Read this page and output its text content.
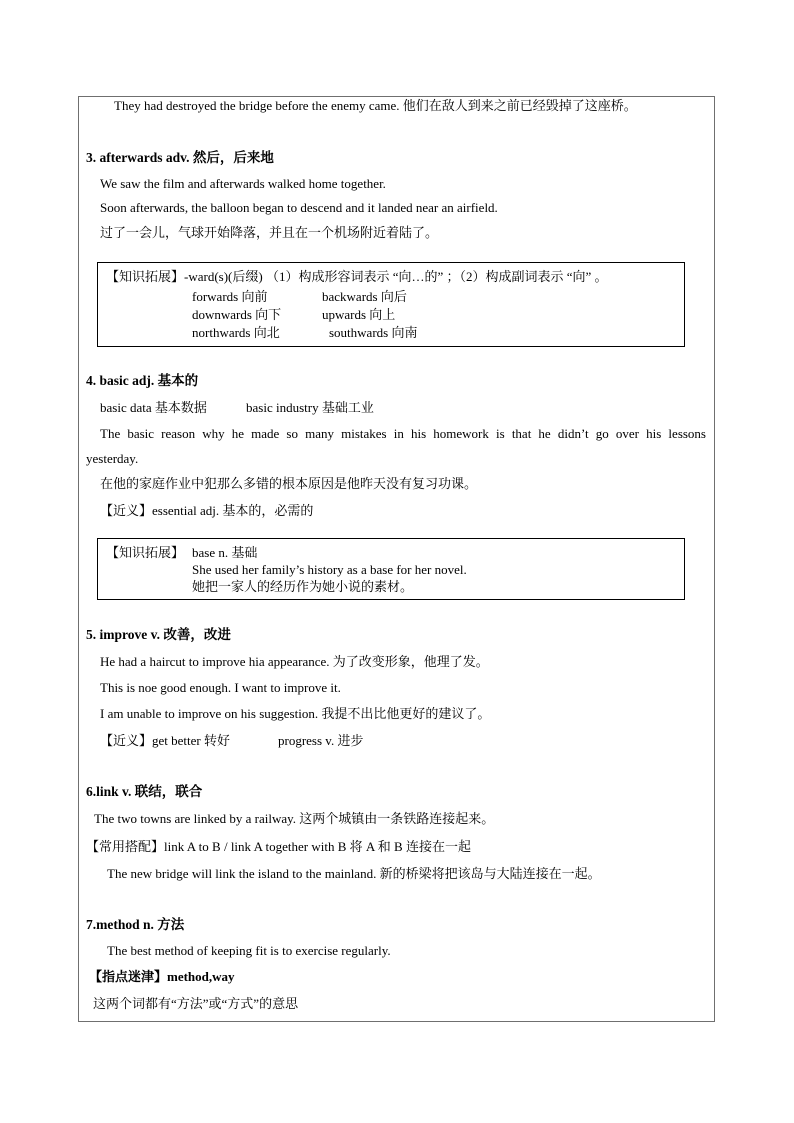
They had destroyed the bridge before the enemy came. 他们在敌人到来之前已经毁掉了这座桥。
3. afterwards adv. 然后，后来地
We saw the film and afterwards walked home together.
Soon afterwards, the balloon began to descend and it landed near an airfield.
过了一会儿，气球开始降落，并且在一个机场附近着陆了。
【知识拓展】-ward(s)(后缀) （1）构成形容词表示 “向…的” ；（2）构成副词表示 “向” 。
forwards 向前	backwards 向后
downwards 向下	upwards 向上
northwards 向北	southwards 向南
4. basic adj. 基本的
basic data 基本数据	basic industry 基础工业
The basic reason why he made so many mistakes in his homework is that he didn’t go over his lessons
yesterday.
在他的家庭作业中犯那么多错的根本原因是他昨天没有复习功课。
【近义】essential adj. 基本的，必需的
【知识拓展】 base n. 基础
She used her family’s history as a base for her novel.
她把一家人的经历作为她小说的素材。
5. improve v. 改善，改进
He had a haircut to improve hia appearance. 为了改变形象，他理了发。
This is noe good enough. I want to improve it.
I am unable to improve on his suggestion. 我提不出比他更好的建议了。
【近义】get better 转好	progress v. 进步
6.link v. 联结，联合
The two towns are linked by a railway. 这两个城镇由一条铁路连接起来。
【常用搭配】link A to B / link A together with B 将 A 和 B 连接在一起
The new bridge will link the island to the mainland. 新的桥梁将把该岛与大陆连接在一起。
7.method n. 方法
The best method of keeping fit is to exercise regularly.
【指点迷津】method,way
这两个词都有“方法”或“方式”的意思
